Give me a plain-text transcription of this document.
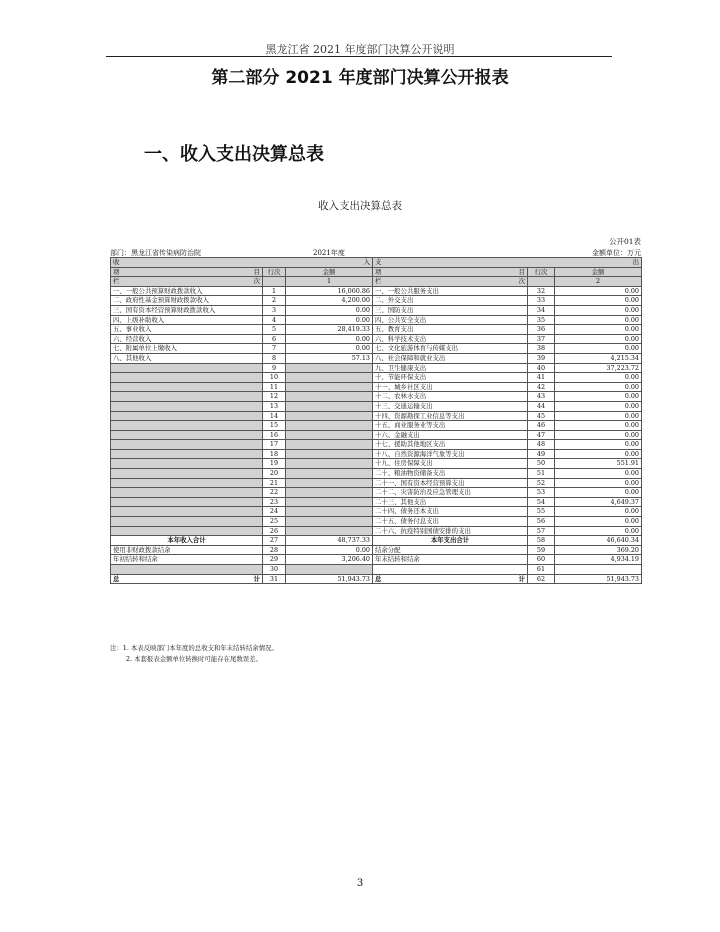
黑龙江省 2021 年度部门决算公开说明
第二部分 2021 年度部门决算公开报表
一、收入支出决算总表
收入支出决算总表
公开01表
部门：黑龙江省传染病防治院	2021年度	金额单位：万元
收 入			支 出		

项 目	行次	金额	项 目	行次	金额
栏 次		1	栏 次		2
一、一般公共预算财政拨款收入	1	16,060.86	一、一般公共服务支出	32	0.00
二、政府性基金预算财政拨款收入	2	4,200.00	二、外交支出	33	0.00
三、国有资本经营预算财政拨款收入	3	0.00	三、国防支出	34	0.00
四、上级补助收入	4	0.00	四、公共安全支出	35	0.00
五、事业收入	5	28,419.33	五、教育支出	36	0.00
六、经营收入	6	0.00	六、科学技术支出	37	0.00
七、附属单位上缴收入	7	0.00	七、文化旅游体育与传媒支出	38	0.00
八、其他收入	8	57.13	八、社会保障和就业支出	39	4,215.34
	9		九、卫生健康支出	40	37,223.72
	10		十、节能环保支出	41	0.00
	11		十一、城乡社区支出	42	0.00
	12		十二、农林水支出	43	0.00
	13		十三、交通运输支出	44	0.00
	14		十四、资源勘探工业信息等支出	45	0.00
	15		十五、商业服务业等支出	46	0.00
	16		十六、金融支出	47	0.00
	17		十七、援助其他地区支出	48	0.00
	18		十八、自然资源海洋气象等支出	49	0.00
	19		十九、住房保障支出	50	551.91
	20		二十、粮油物资储备支出	51	0.00
	21		二十一、国有资本经营预算支出	52	0.00
	22		二十二、灾害防治及应急管理支出	53	0.00
	23		二十三、其他支出	54	4,649.37
	24		二十四、债务还本支出	55	0.00
	25		二十五、债务付息支出	56	0.00
	26		二十六、抗疫特别国债安排的支出	57	0.00
本年收入合计	27	48,737.33	本年支出合计	58	46,640.34
使用非财政拨款结余	28	0.00	结余分配	59	369.20
年初结转和结余	29	3,206.40	年末结转和结余	60	4,934.19
	30			61	
总 计	31	51,943.73	总 计	62	51,943.73
注：1. 本表反映部门本年度的总收支和年末结转结余情况。
2. 本套报表金额单位转换时可能存在尾数误差。
3
